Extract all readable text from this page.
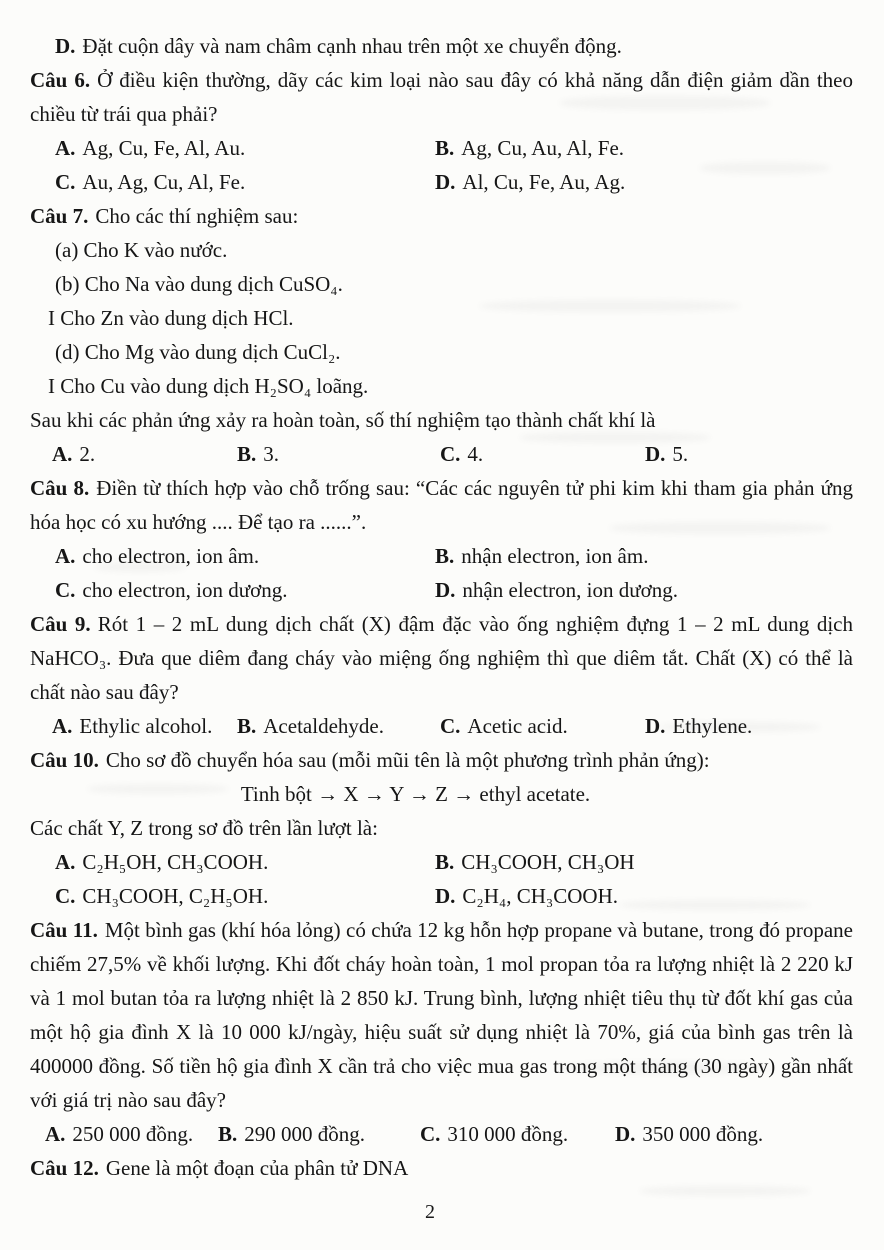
D. Đặt cuộn dây và nam châm cạnh nhau trên một xe chuyển động.

Câu 6. Ở điều kiện thường, dãy các kim loại nào sau đây có khả năng dẫn điện giảm dần theo chiều từ trái qua phải?

A. Ag, Cu, Fe, Al, Au.	B. Ag, Cu, Au, Al, Fe.
C. Au, Ag, Cu, Al, Fe.	D. Al, Cu, Fe, Au, Ag.

Câu 7. Cho các thí nghiệm sau:

(a) Cho K vào nước.

(b) Cho Na vào dung dịch CuSO₄.

I Cho Zn vào dung dịch HCl.

(d) Cho Mg vào dung dịch CuCl₂.

I Cho Cu vào dung dịch H₂SO₄ loãng.

Sau khi các phản ứng xảy ra hoàn toàn, số thí nghiệm tạo thành chất khí là

A. 2.	B. 3.	C. 4.	D. 5.

Câu 8. Điền từ thích hợp vào chỗ trống sau: “Các các nguyên tử phi kim khi tham gia phản ứng hóa học có xu hướng .... Để tạo ra ......”.

A. cho electron, ion âm.	B. nhận electron, ion âm.
C. cho electron, ion dương.	D. nhận electron, ion dương.

Câu 9. Rót 1 – 2 mL dung dịch chất (X) đậm đặc vào ống nghiệm đựng 1 – 2 mL dung dịch NaHCO₃. Đưa que diêm đang cháy vào miệng ống nghiệm thì que diêm tắt. Chất (X) có thể là chất nào sau đây?

A. Ethylic alcohol. B. Acetaldehyde.	C. Acetic acid.	D. Ethylene.

Câu 10. Cho sơ đồ chuyển hóa sau (mỗi mũi tên là một phương trình phản ứng):

Tinh bột → X → Y → Z → ethyl acetate.

Các chất Y, Z trong sơ đồ trên lần lượt là:

A. C₂H₅OH, CH₃COOH.	B. CH₃COOH, CH₃OH
C. CH₃COOH, C₂H₅OH.	D. C₂H₄, CH₃COOH.

Câu 11. Một bình gas (khí hóa lỏng) có chứa 12 kg hỗn hợp propane và butane, trong đó propane chiếm 27,5% về khối lượng. Khi đốt cháy hoàn toàn, 1 mol propan tỏa ra lượng nhiệt là 2 220 kJ và 1 mol butan tỏa ra lượng nhiệt là 2 850 kJ. Trung bình, lượng nhiệt tiêu thụ từ đốt khí gas của một hộ gia đình X là 10 000 kJ/ngày, hiệu suất sử dụng nhiệt là 70%, giá của bình gas trên là 400000 đồng. Số tiền hộ gia đình X cần trả cho việc mua gas trong một tháng (30 ngày) gần nhất với giá trị nào sau đây?

A. 250 000 đồng. B. 290 000 đồng.	C. 310 000 đồng. D. 350 000 đồng.

Câu 12. Gene là một đoạn của phân tử DNA

2
